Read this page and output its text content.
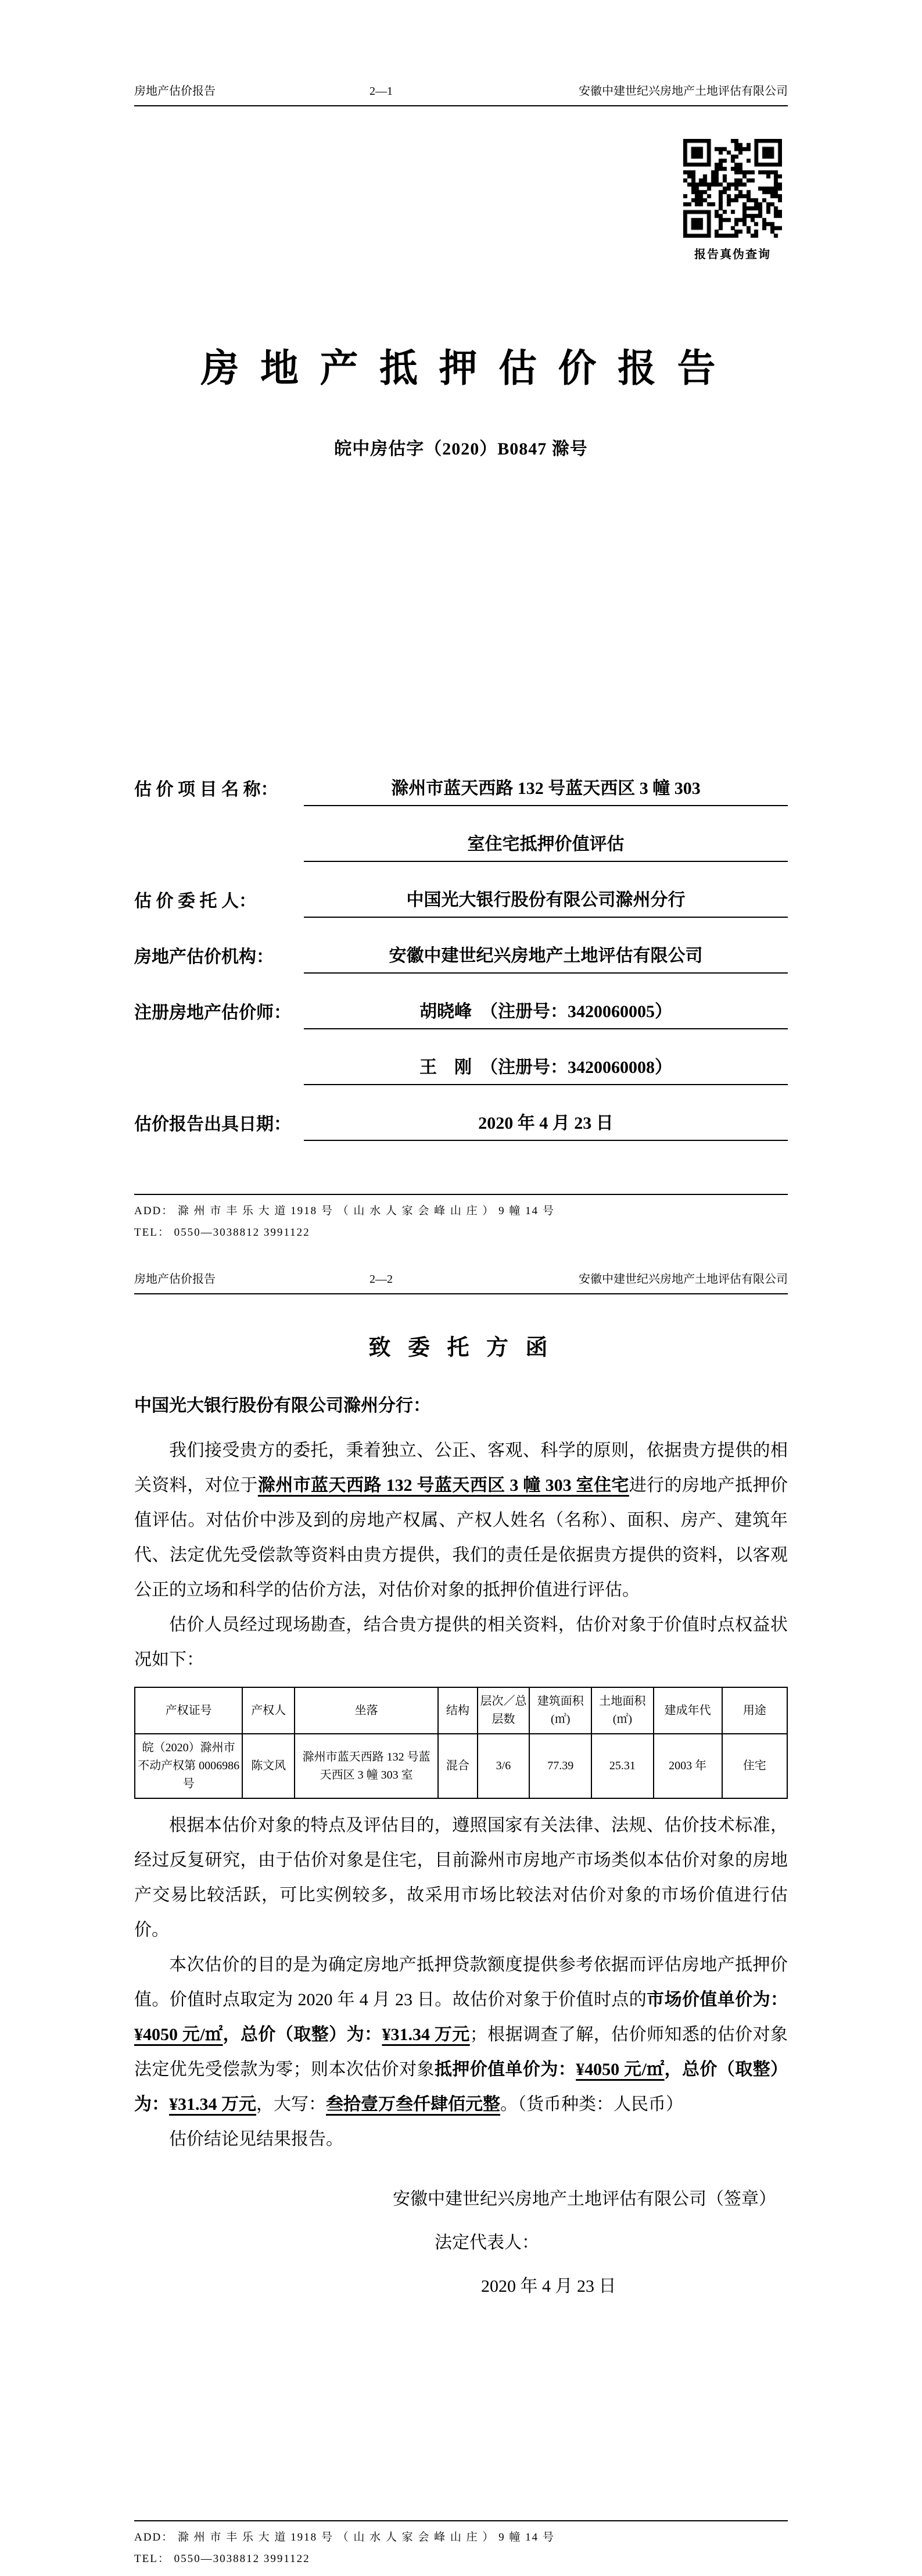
房地产估价报告	2—1	安徽中建世纪兴房地产土地评估有限公司
报告真伪查询
房 地 产 抵 押 估 价 报 告
皖中房估字（2020）B0847 滁号
估 价 项 目 名 称：	滁州市蓝天西路 132 号蓝天西区 3 幢 303
室住宅抵押价值评估
估 价 委 托 人：	中国光大银行股份有限公司滁州分行
房地产估价机构：	安徽中建世纪兴房地产土地评估有限公司
注册房地产估价师：	胡晓峰　（注册号：3420060005）
王　刚　（注册号：3420060008）
估价报告出具日期：	2020 年 4 月 23 日
ADD： 滁 州 市 丰 乐 大 道 1918 号 （ 山 水 人 家 会 峰 山 庄 ） 9 幢 14 号
TEL： 0550―3038812 3991122
房地产估价报告	2—2	安徽中建世纪兴房地产土地评估有限公司
致 委 托 方 函
中国光大银行股份有限公司滁州分行：

我们接受贵方的委托，秉着独立、公正、客观、科学的原则，依据贵方提供的相关资料，对位于滁州市蓝天西路 132 号蓝天西区 3 幢 303 室住宅进行的房地产抵押价值评估。对估价中涉及到的房地产权属、产权人姓名（名称）、面积、房产、建筑年代、法定优先受偿款等资料由贵方提供，我们的责任是依据贵方提供的资料，以客观公正的立场和科学的估价方法，对估价对象的抵押价值进行评估。

估价人员经过现场勘查，结合贵方提供的相关资料，估价对象于价值时点权益状况如下：

产权证号	产权人	坐落	结构	层次／总层数	建筑面积(㎡)	土地面积(㎡)	建成年代	用途
皖（2020）滁州市不动产权第 0006986 号	陈文风	滁州市蓝天西路 132 号蓝天西区 3 幢 303 室	混合	3/6	77.39	25.31	2003 年	住宅

根据本估价对象的特点及评估目的，遵照国家有关法律、法规、估价技术标准，经过反复研究，由于估价对象是住宅，目前滁州市房地产市场类似本估价对象的房地产交易比较活跃，可比实例较多，故采用市场比较法对估价对象的市场价值进行估价。

本次估价的目的是为确定房地产抵押贷款额度提供参考依据而评估房地产抵押价值。价值时点取定为 2020 年 4 月 23 日。故估价对象于价值时点的市场价值单价为：¥4050 元/㎡，总价（取整）为：¥31.34 万元；根据调查了解，估价师知悉的估价对象法定优先受偿款为零；则本次估价对象抵押价值单价为：¥4050 元/㎡，总价（取整）为：¥31.34 万元，大写：叁拾壹万叁仟肆佰元整。（货币种类：人民币）

估价结论见结果报告。

安徽中建世纪兴房地产土地评估有限公司（签章）
法定代表人：
2020 年 4 月 23 日
ADD： 滁 州 市 丰 乐 大 道 1918 号 （ 山 水 人 家 会 峰 山 庄 ） 9 幢 14 号
TEL： 0550―3038812 3991122
